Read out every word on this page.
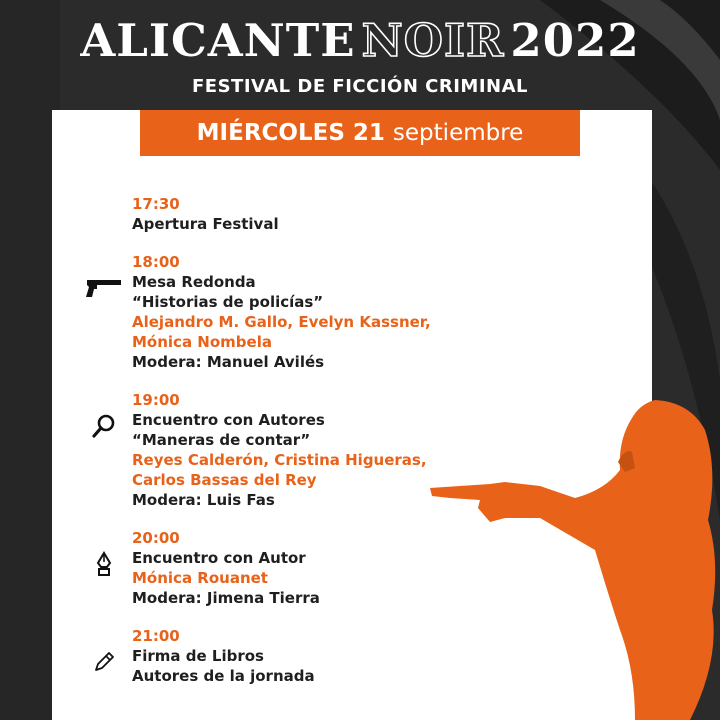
ALICANTE NOIR 2022
FESTIVAL DE FICCIÓN CRIMINAL
MIÉRCOLES 21 septiembre
17:30
Apertura Festival
18:00
Mesa Redonda
“Historias de policías”
Alejandro M. Gallo, Evelyn Kassner,
Mónica Nombela
Modera: Manuel Avilés
19:00
Encuentro con Autores
“Maneras de contar”
Reyes Calderón, Cristina Higueras,
Carlos Bassas del Rey
Modera: Luis Fas
20:00
Encuentro con Autor
Mónica Rouanet
Modera: Jimena Tierra
21:00
Firma de Libros
Autores de la jornada
